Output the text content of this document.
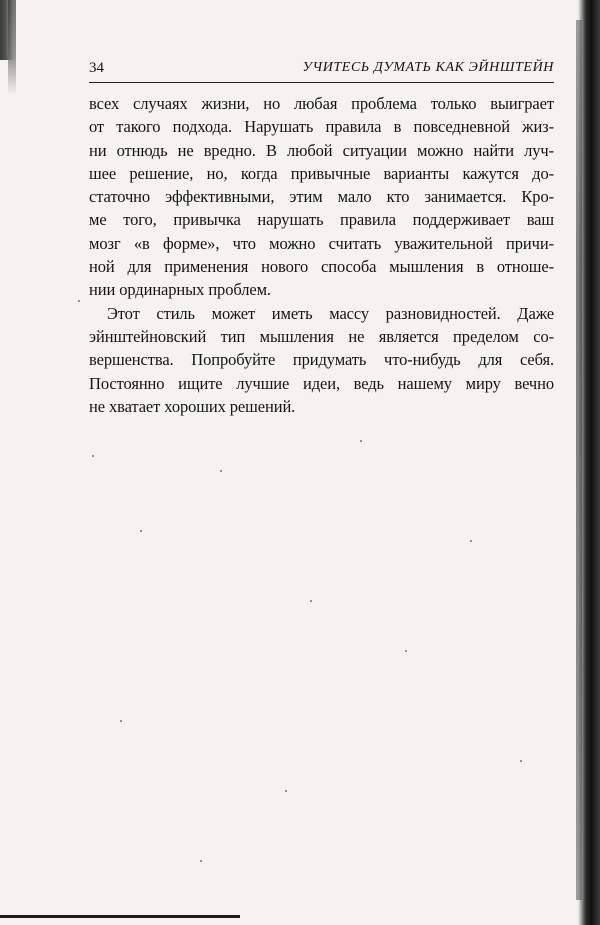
34	УЧИТЕСЬ ДУМАТЬ КАК ЭЙНШТЕЙН
всех случаях жизни, но любая проблема только выиграет
от такого подхода. Нарушать правила в повседневной жиз-
ни отнюдь не вредно. В любой ситуации можно найти луч-
шее решение, но, когда привычные варианты кажутся до-
статочно эффективными, этим мало кто занимается. Кро-
ме того, привычка нарушать правила поддерживает ваш
мозг «в форме», что можно считать уважительной причи-
ной для применения нового способа мышления в отноше-
нии ординарных проблем.
Этот стиль может иметь массу разновидностей. Даже
эйнштейновский тип мышления не является пределом со-
вершенства. Попробуйте придумать что-нибудь для себя.
Постоянно ищите лучшие идеи, ведь нашему миру вечно
не хватает хороших решений.
